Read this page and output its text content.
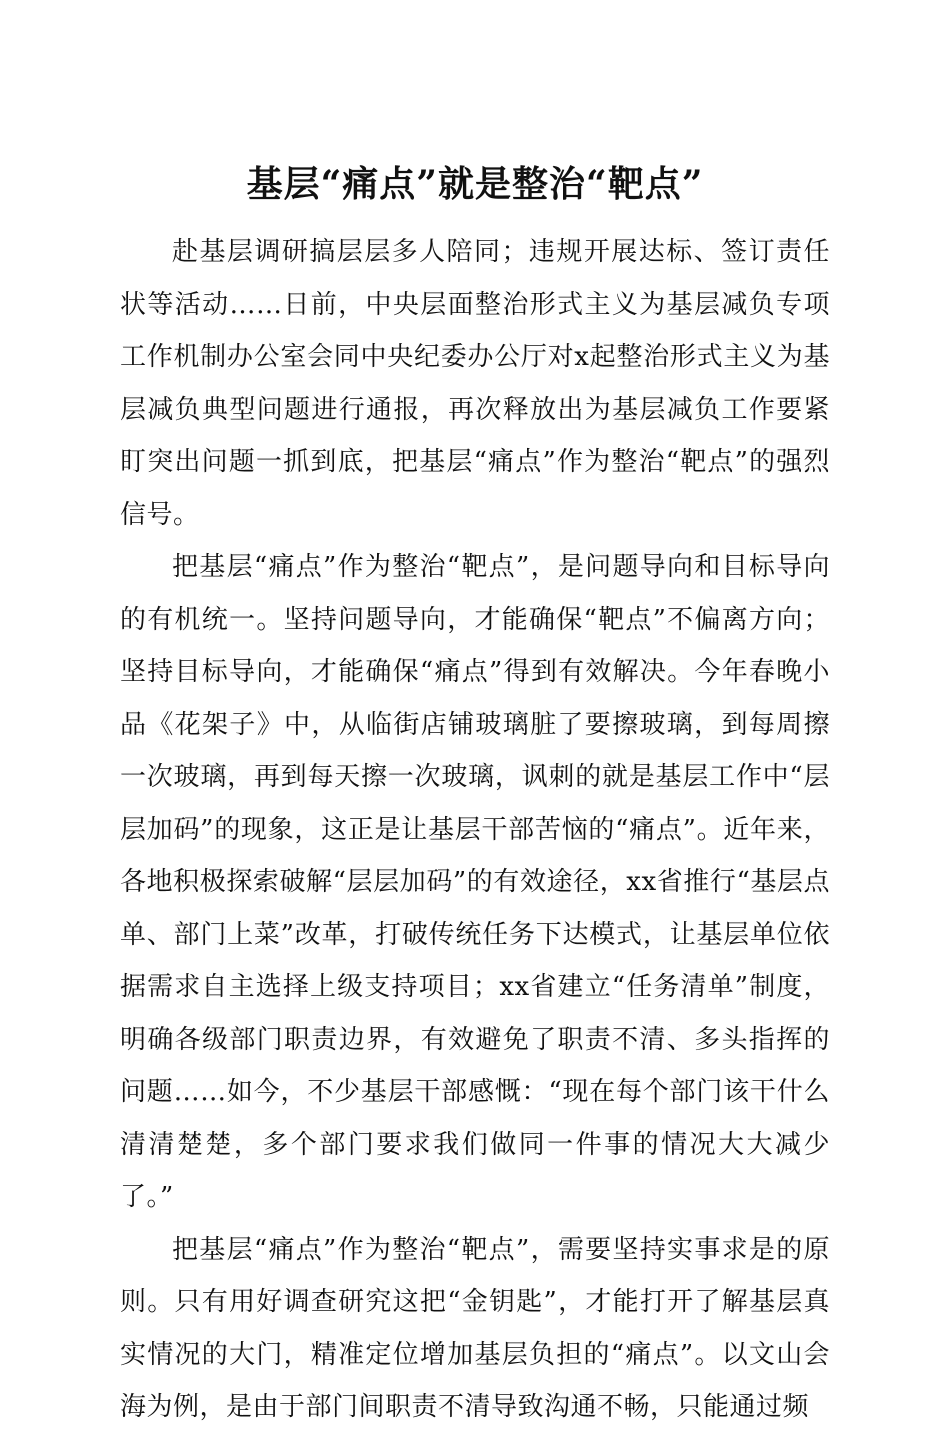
基层“痛点”就是整治“靶点”

赴基层调研搞层层多人陪同；违规开展达标、签订责任状等活动……日前，中央层面整治形式主义为基层减负专项工作机制办公室会同中央纪委办公厅对x起整治形式主义为基层减负典型问题进行通报，再次释放出为基层减负工作要紧盯突出问题一抓到底，把基层“痛点”作为整治“靶点”的强烈信号。

把基层“痛点”作为整治“靶点”，是问题导向和目标导向的有机统一。坚持问题导向，才能确保“靶点”不偏离方向；坚持目标导向，才能确保“痛点”得到有效解决。今年春晚小品《花架子》中，从临街店铺玻璃脏了要擦玻璃，到每周擦一次玻璃，再到每天擦一次玻璃，讽刺的就是基层工作中“层层加码”的现象，这正是让基层干部苦恼的“痛点”。近年来，各地积极探索破解“层层加码”的有效途径，xx省推行“基层点单、部门上菜”改革，打破传统任务下达模式，让基层单位依据需求自主选择上级支持项目；xx省建立“任务清单”制度，明确各级部门职责边界，有效避免了职责不清、多头指挥的问题……如今，不少基层干部感慨：“现在每个部门该干什么清清楚楚，多个部门要求我们做同一件事的情况大大减少了。”

把基层“痛点”作为整治“靶点”，需要坚持实事求是的原则。只有用好调查研究这把“金钥匙”，才能打开了解基层真实情况的大门，精准定位增加基层负担的“痛点”。以文山会海为例，是由于部门间职责不清导致沟通不畅，只能通过频
